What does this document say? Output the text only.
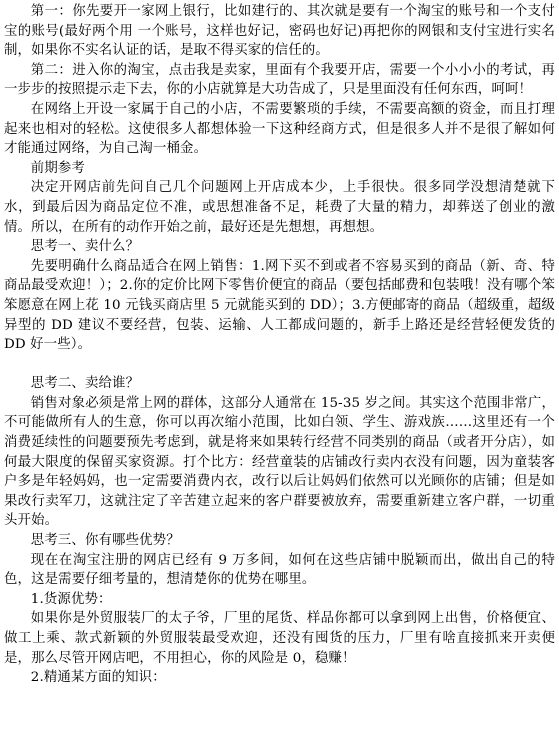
第一：你先要开一家网上银行，比如建行的、其次就是要有一个淘宝的账号和一个支付宝的账号(最好两个用 一个账号，这样也好记，密码也好记)再把你的网银和支付宝进行实名制，如果你不实名认证的话，是取不得买家的信任的。

第二：进入你的淘宝，点击我是卖家，里面有个我要开店，需要一个小小小的考试，再一步步的按照提示走下去，你的小店就算是大功告成了，只是里面没有任何东西，呵呵！

在网络上开设一家属于自己的小店，不需要繁琐的手续，不需要高额的资金，而且打理起来也相对的轻松。这使很多人都想体验一下这种经商方式，但是很多人并不是很了解如何才能通过网络，为自己淘一桶金。

前期参考

决定开网店前先问自己几个问题网上开店成本少，上手很快。很多同学没想清楚就下水，到最后因为商品定位不准，或思想准备不足，耗费了大量的精力，却葬送了创业的激情。所以，在所有的动作开始之前，最好还是先想想，再想想。

思考一、卖什么？

先要明确什么商品适合在网上销售：1.网下买不到或者不容易买到的商品（新、奇、特商品最受欢迎！）；2.你的定价比网下零售价便宜的商品（要包括邮费和包装哦！没有哪个笨笨愿意在网上花 10 元钱买商店里 5 元就能买到的 DD）；3.方便邮寄的商品（超级重，超级异型的 DD 建议不要经营，包装、运输、人工都成问题的，新手上路还是经营轻便发货的 DD 好一些）。

思考二、卖给谁？

销售对象必须是常上网的群体，这部分人通常在 15-35 岁之间。其实这个范围非常广，不可能做所有人的生意，你可以再次缩小范围，比如白领、学生、游戏族……这里还有一个消费延续性的问题要预先考虑到，就是将来如果转行经营不同类别的商品（或者开分店），如何最大限度的保留买家资源。打个比方：经营童装的店铺改行卖内衣没有问题，因为童装客户多是年轻妈妈，也一定需要消费内衣，改行以后让妈妈们依然可以光顾你的店铺；但是如果改行卖军刀，这就注定了辛苦建立起来的客户群要被放弃，需要重新建立客户群，一切重头开始。

思考三、你有哪些优势？

现在在淘宝注册的网店已经有 9 万多间，如何在这些店铺中脱颖而出，做出自己的特色，这是需要仔细考量的，想清楚你的优势在哪里。

1.货源优势：

如果你是外贸服装厂的太子爷，厂里的尾货、样品你都可以拿到网上出售，价格便宜、做工上乘、款式新颖的外贸服装最受欢迎，还没有囤货的压力，厂里有啥直接抓来开卖便是，那么尽管开网店吧，不用担心，你的风险是 0，稳赚！

2.精通某方面的知识：
